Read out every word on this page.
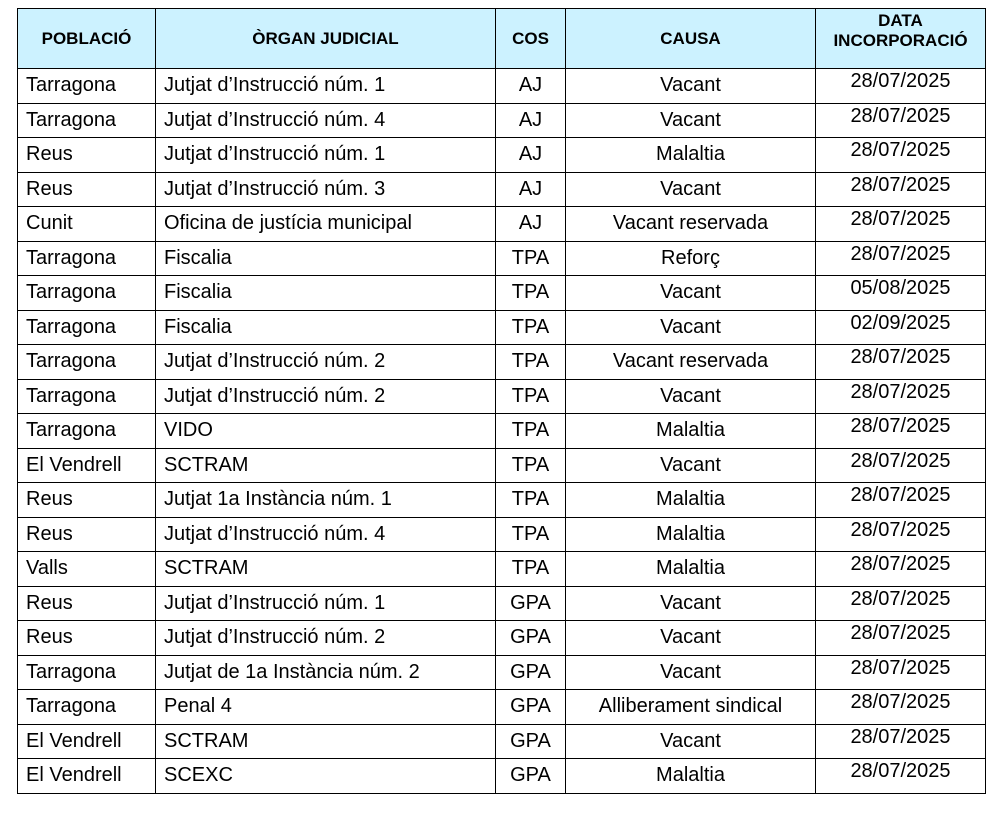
POBLACIÓ	ÒRGAN JUDICIAL	COS	CAUSA	DATA
INCORPORACIÓ

Tarragona	Jutjat d’Instrucció núm. 1	AJ	Vacant	28/07/2025
Tarragona	Jutjat d’Instrucció núm. 4	AJ	Vacant	28/07/2025
Reus	Jutjat d’Instrucció núm. 1	AJ	Malaltia	28/07/2025
Reus	Jutjat d’Instrucció núm. 3	AJ	Vacant	28/07/2025
Cunit	Oficina de justícia municipal	AJ	Vacant reservada	28/07/2025
Tarragona	Fiscalia	TPA	Reforç	28/07/2025
Tarragona	Fiscalia	TPA	Vacant	05/08/2025
Tarragona	Fiscalia	TPA	Vacant	02/09/2025
Tarragona	Jutjat d’Instrucció núm. 2	TPA	Vacant reservada	28/07/2025
Tarragona	Jutjat d’Instrucció núm. 2	TPA	Vacant	28/07/2025
Tarragona	VIDO	TPA	Malaltia	28/07/2025
El Vendrell	SCTRAM	TPA	Vacant	28/07/2025
Reus	Jutjat 1a Instància núm. 1	TPA	Malaltia	28/07/2025
Reus	Jutjat d’Instrucció núm. 4	TPA	Malaltia	28/07/2025
Valls	SCTRAM	TPA	Malaltia	28/07/2025
Reus	Jutjat d’Instrucció núm. 1	GPA	Vacant	28/07/2025
Reus	Jutjat d’Instrucció núm. 2	GPA	Vacant	28/07/2025
Tarragona	Jutjat de 1a Instància núm. 2	GPA	Vacant	28/07/2025
Tarragona	Penal 4	GPA	Alliberament sindical	28/07/2025
El Vendrell	SCTRAM	GPA	Vacant	28/07/2025
El Vendrell	SCEXC	GPA	Malaltia	28/07/2025
